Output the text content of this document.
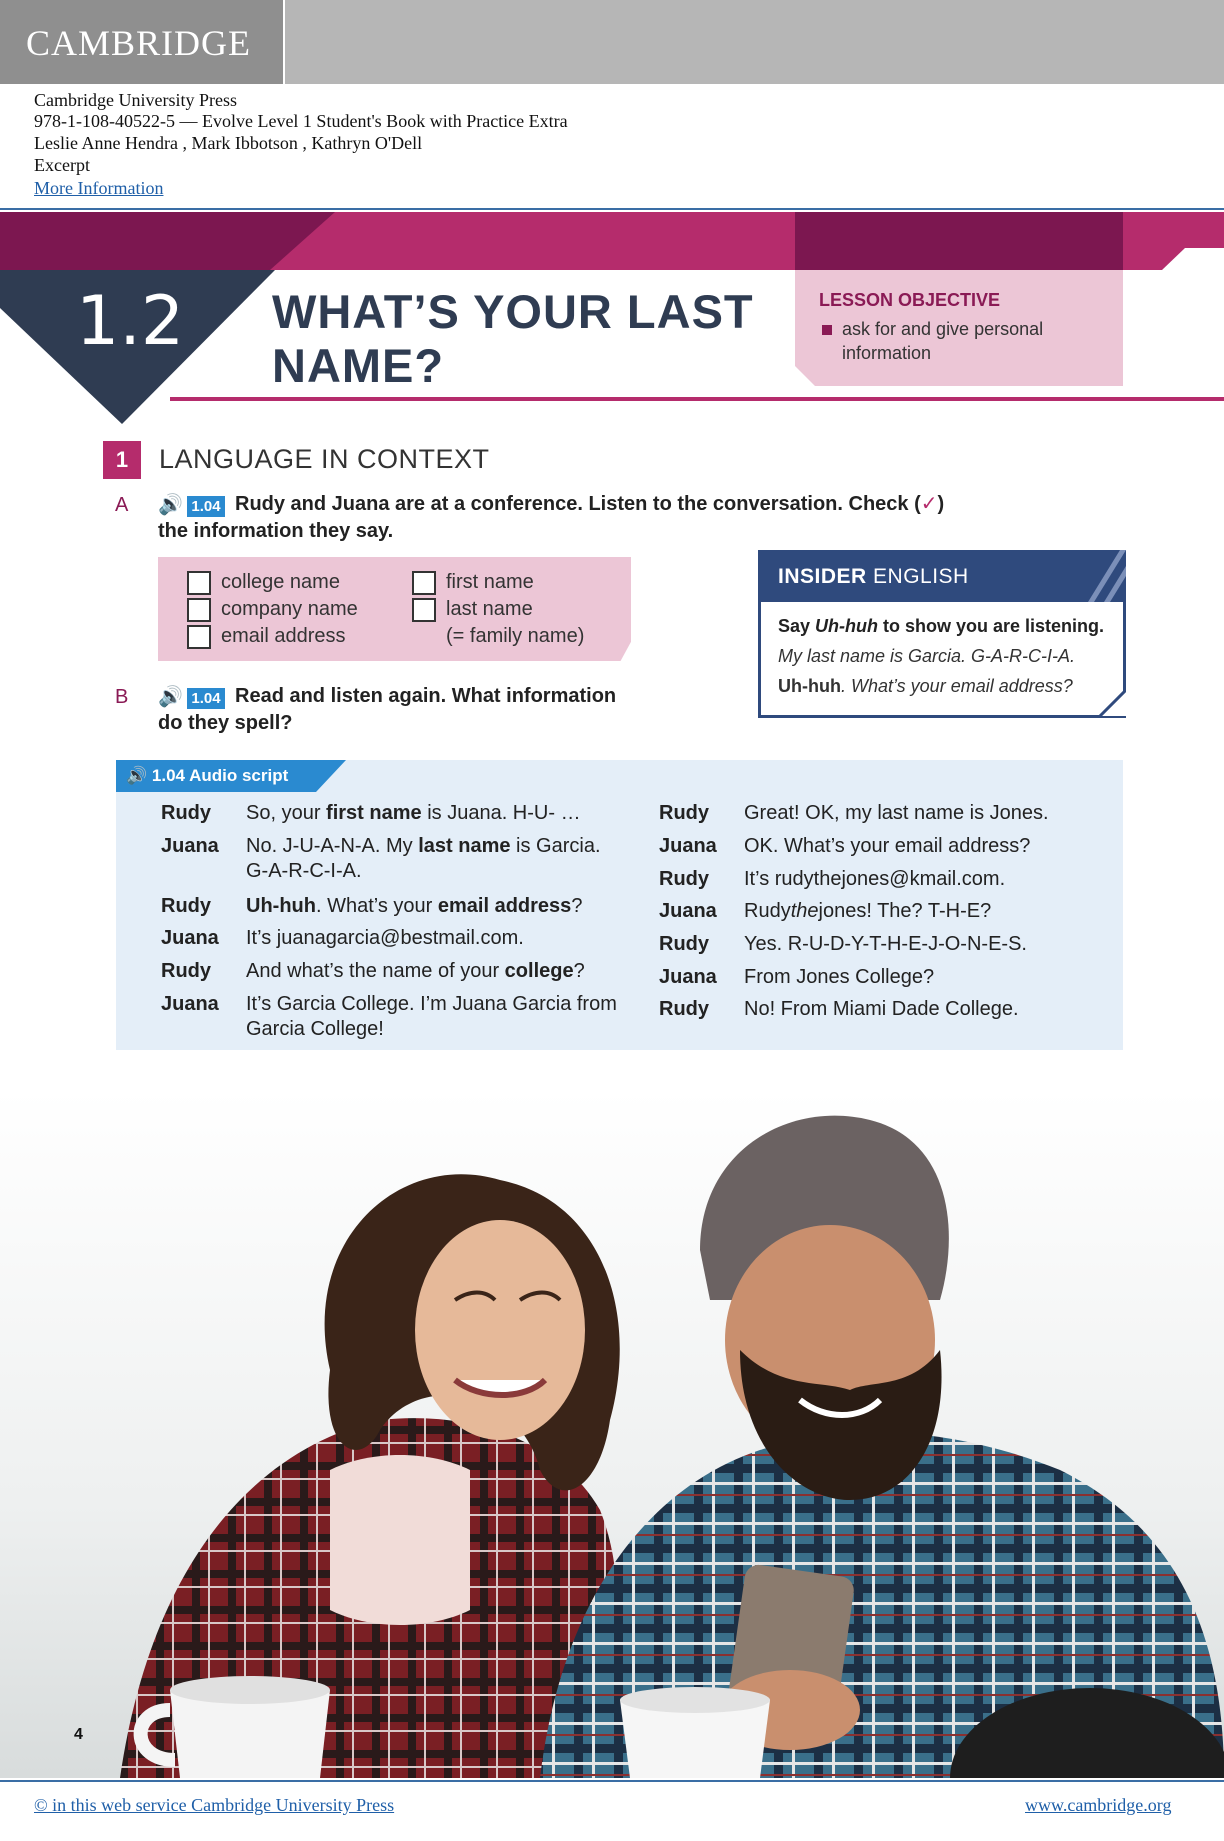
CAMBRIDGE
Cambridge University Press
978-1-108-40522-5 — Evolve Level 1 Student's Book with Practice Extra
Leslie Anne Hendra , Mark Ibbotson , Kathryn O'Dell
Excerpt
More Information
1.2 WHAT’S YOUR LAST NAME?
LESSON OBJECTIVE
ask for and give personal information
1	LANGUAGE IN CONTEXT
A 🔊 1.04 Rudy and Juana are at a conference. Listen to the conversation. Check (✓) the information they say.
college name
company name
email address
first name
last name
(= family name)
B 🔊 1.04 Read and listen again. What information do they spell?
INSIDER ENGLISH
Say Uh-huh to show you are listening.
My last name is Garcia. G-A-R-C-I-A.
Uh-huh. What’s your email address?
🔊 1.04 Audio script
Rudy So, your first name is Juana. H-U- …
Juana No. J-U-A-N-A. My last name is Garcia. G-A-R-C-I-A.
Rudy Uh-huh. What’s your email address?
Juana It’s juanagarcia@bestmail.com.
Rudy And what’s the name of your college?
Juana It’s Garcia College. I’m Juana Garcia from Garcia College!
Rudy Great! OK, my last name is Jones.
Juana OK. What’s your email address?
Rudy It’s rudythejones@kmail.com.
Juana Rudythejones! The? T-H-E?
Rudy Yes. R-U-D-Y-T-H-E-J-O-N-E-S.
Juana From Jones College?
Rudy No! From Miami Dade College.
4
© in this web service Cambridge University Press	www.cambridge.org
